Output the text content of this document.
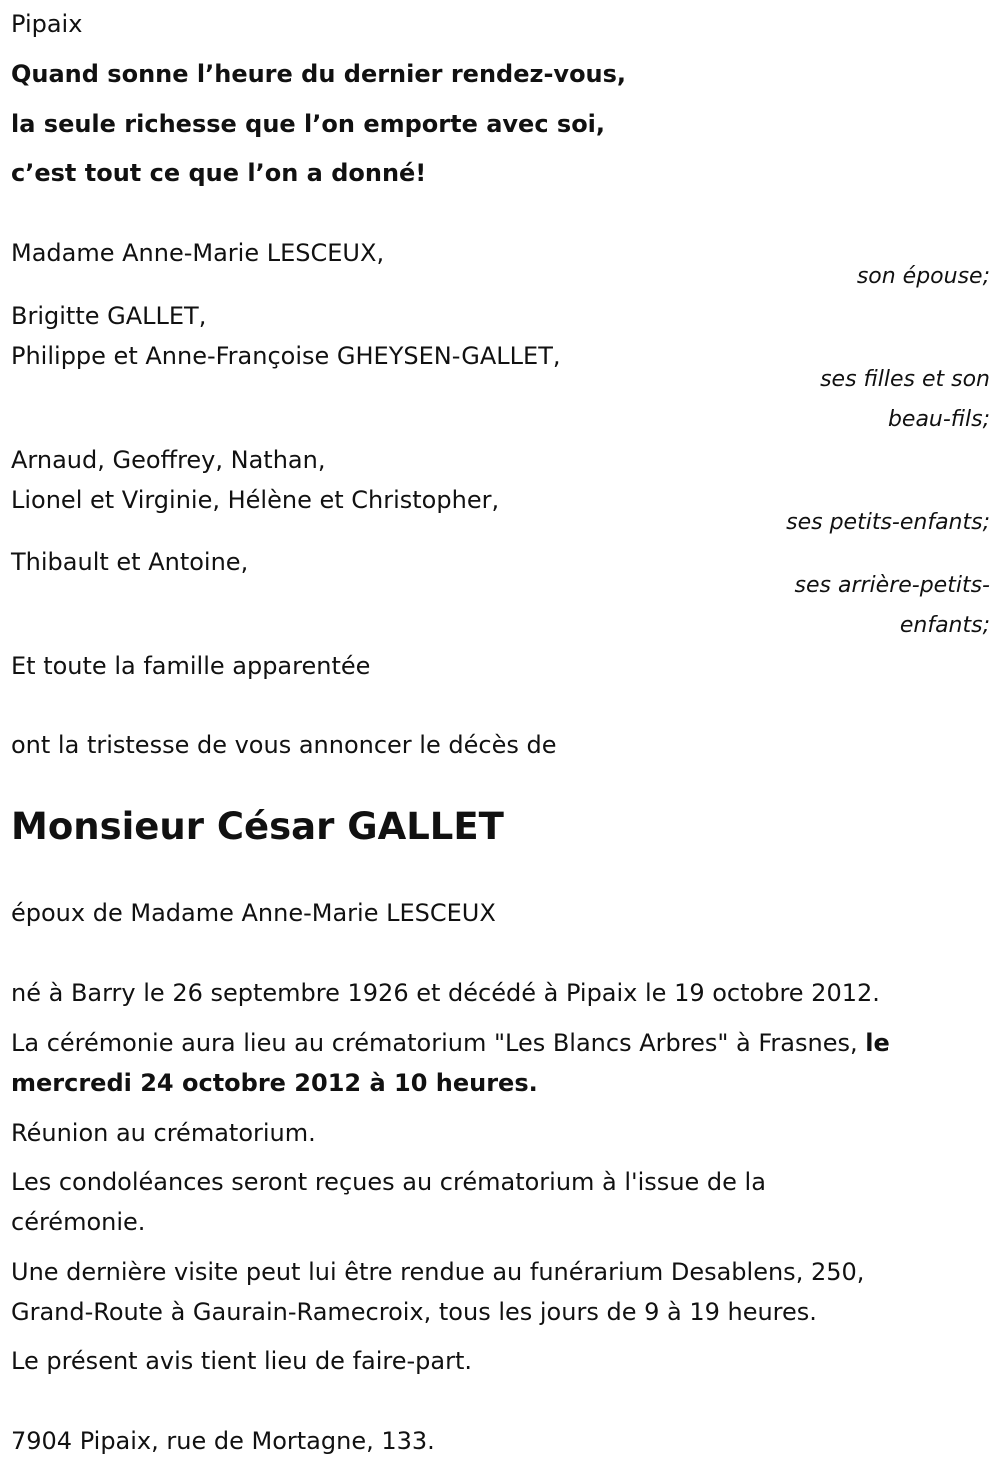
Pipaix

Quand sonne l’heure du dernier rendez-vous,

la seule richesse que l’on emporte avec soi,

c’est tout ce que l’on a donné!

Madame Anne-Marie LESCEUX,

son épouse;

Brigitte GALLET,

Philippe et Anne-Françoise GHEYSEN-GALLET,

ses filles et son

beau-fils;

Arnaud, Geoffrey, Nathan,

Lionel et Virginie, Hélène et Christopher,

ses petits-enfants;

Thibault et Antoine,

ses arrière-petits-

enfants;

Et toute la famille apparentée

ont la tristesse de vous annoncer le décès de

Monsieur César GALLET

époux de Madame Anne-Marie LESCEUX

né à Barry le 26 septembre 1926 et décédé à Pipaix le 19 octobre 2012.

La cérémonie aura lieu au crématorium "Les Blancs Arbres" à Frasnes, le

mercredi 24 octobre 2012 à 10 heures.

Réunion au crématorium.

Les condoléances seront reçues au crématorium à l'issue de la

cérémonie.

Une dernière visite peut lui être rendue au funérarium Desablens, 250,

Grand-Route à Gaurain-Ramecroix, tous les jours de 9 à 19 heures.

Le présent avis tient lieu de faire-part.

7904 Pipaix, rue de Mortagne, 133.
